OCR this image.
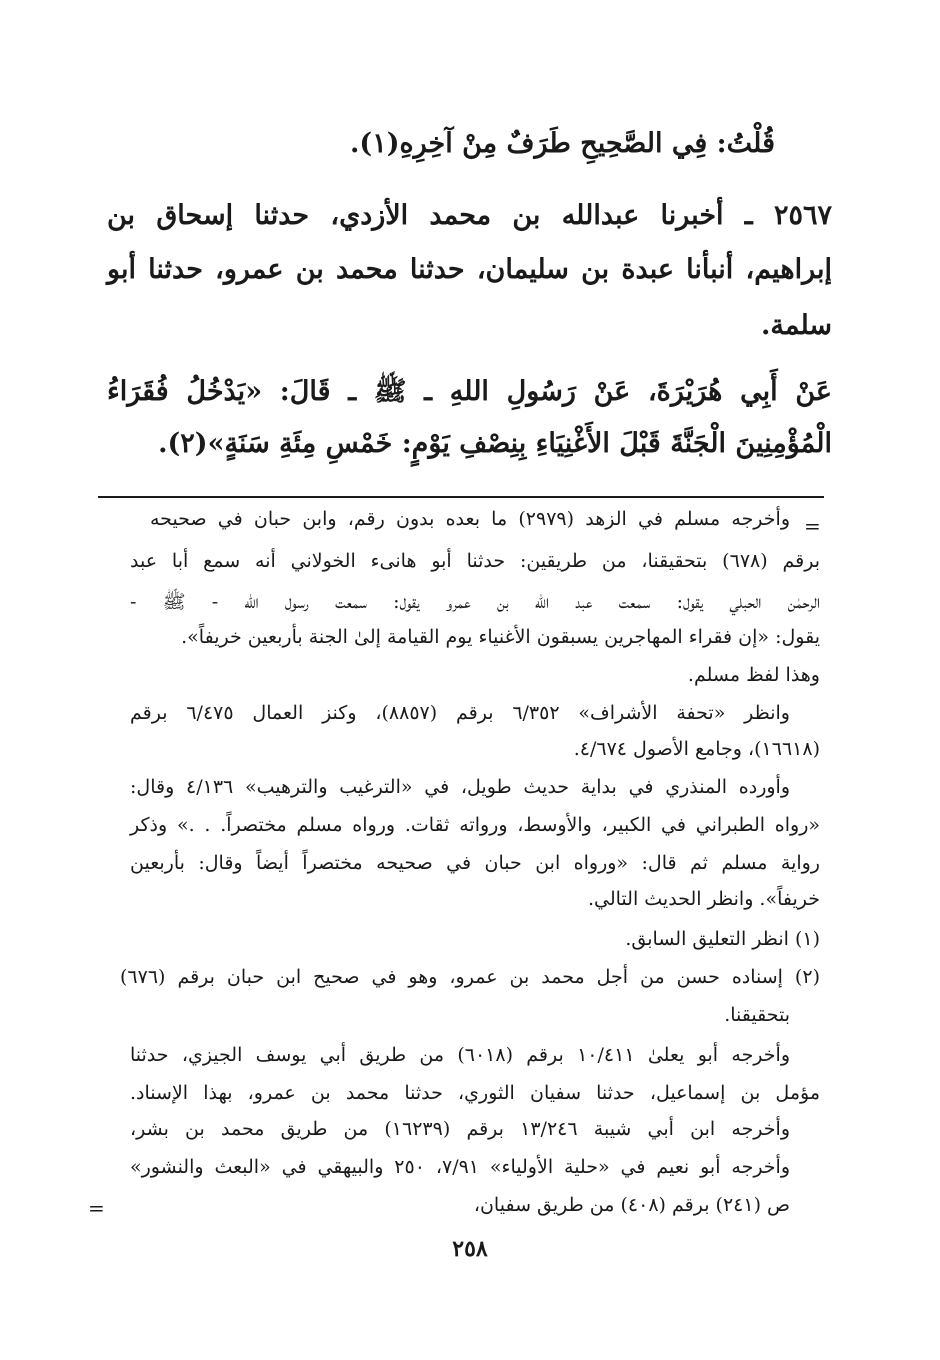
قُلْتُ: فِي الصَّحِيحِ طَرَفٌ مِنْ آخِرِهِ(١).
٢٥٦٧ ـ أخبرنا عبدالله بن محمد الأزدي، حدثنا إسحاق بن
إبراهيم، أنبأنا عبدة بن سليمان، حدثنا محمد بن عمرو، حدثنا أبو
سلمة.
عَنْ أَبِي هُرَيْرَةَ، عَنْ رَسُولِ اللهِ ـ ﷺ ـ قَالَ: «يَدْخُلُ فُقَرَاءُ
الْمُؤْمِنِينَ الْجَنَّةَ قَبْلَ الأَغْنِيَاءِ بِنِصْفِ يَوْمٍ: خَمْسِ مِئَةِ سَنَةٍ»(٢).
=
وأخرجه مسلم في الزهد (٢٩٧٩) ما بعده بدون رقم، وابن حبان في صحيحه
برقم (٦٧٨) بتحقيقنا، من طريقين: حدثنا أبو هانىء الخولاني أنه سمع أبا عبد
الرحمٰن الحبلي يقول: سمعت عبد الله بن عمرو يقول: سمعت رسول الله - ﷺ -
يقول: «إن فقراء المهاجرين يسبقون الأغنياء يوم القيامة إلىٰ الجنة بأربعين خريفاً».
وهذا لفظ مسلم.
وانظر «تحفة الأشراف» ٦/٣٥٢ برقم (٨٨٥٧)، وكنز العمال ٦/٤٧٥ برقم
(١٦٦١٨)، وجامع الأصول ٤/٦٧٤.
وأورده المنذري في بداية حديث طويل، في «الترغيب والترهيب» ٤/١٣٦ وقال:
«رواه الطبراني في الكبير، والأوسط، ورواته ثقات. ورواه مسلم مختصراً. . .» وذكر
رواية مسلم ثم قال: «ورواه ابن حبان في صحيحه مختصراً أيضاً وقال: بأربعين
خريفاً». وانظر الحديث التالي.
(١) انظر التعليق السابق.
(٢) إسناده حسن من أجل محمد بن عمرو، وهو في صحيح ابن حبان برقم (٦٧٦)
بتحقيقنا.
وأخرجه أبو يعلىٰ ١٠/٤١١ برقم (٦٠١٨) من طريق أبي يوسف الجيزي، حدثنا
مؤمل بن إسماعيل، حدثنا سفيان الثوري، حدثنا محمد بن عمرو، بهذا الإسناد.
وأخرجه ابن أبي شيبة ١٣/٢٤٦ برقم (١٦٢٣٩) من طريق محمد بن بشر،
وأخرجه أبو نعيم في «حلية الأولياء» ٧/٩١، ٢٥٠ والبيهقي في «البعث والنشور»
ص (٢٤١) برقم (٤٠٨) من طريق سفيان،
=
٢٥٨
